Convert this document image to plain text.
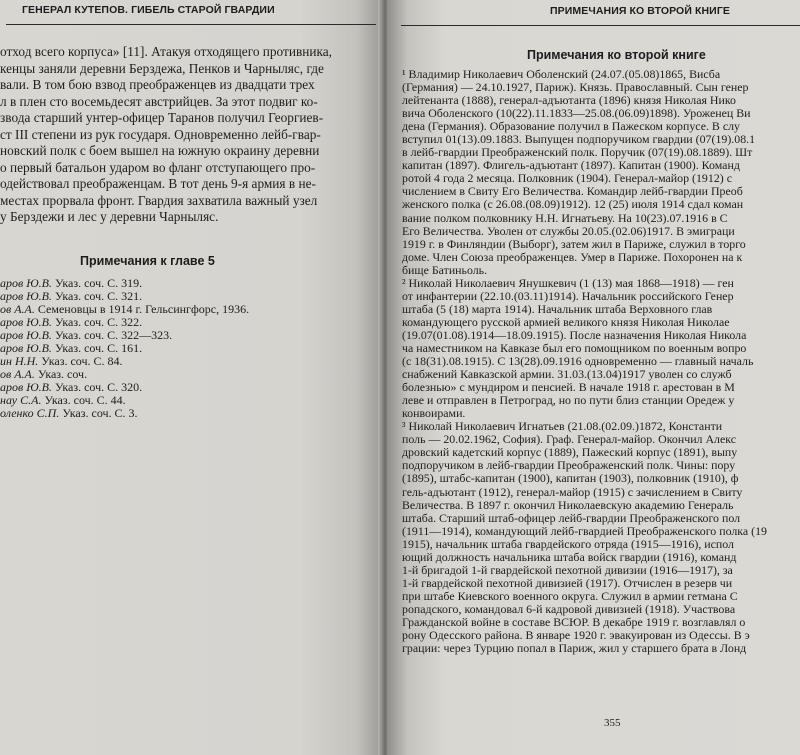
ГЕНЕРАЛ КУТЕПОВ. ГИБЕЛЬ СТАРОЙ ГВАРДИИ
отход всего корпуса» [11]. Атакуя отходящего противника,
кенцы заняли деревни Берздежа, Пенков и Чарныляс, где
вали. В том бою взвод преображенцев из двадцати трех
л в плен сто восемьдесят австрийцев. За этот подвиг ко-
звода старший унтер-офицер Таранов получил Георгиев-
ст III степени из рук государя. Одновременно лейб-гвар-
новский полк с боем вышел на южную окраину деревни
о первый батальон ударом во фланг отступающего про-
одействовал преображенцам. В тот день 9-я армия в не-
местах прорвала фронт. Гвардия захватила важный узел
у Берздежи и лес у деревни Чарныляс.
Примечания к главе 5
аров Ю.В. Указ. соч. С. 319.
аров Ю.В. Указ. соч. С. 321.
ов А.А. Семеновцы в 1914 г. Гельсингфорс, 1936.
аров Ю.В. Указ. соч. С. 322.
аров Ю.В. Указ. соч. С. 322—323.
аров Ю.В. Указ. соч. С. 161.
ин Н.Н. Указ. соч. С. 84.
ов А.А. Указ. соч.
аров Ю.В. Указ. соч. С. 320.
нау С.А. Указ. соч. С. 44.
оленко С.П. Указ. соч. С. 3.
ПРИМЕЧАНИЯ КО ВТОРОЙ КНИГЕ
Примечания ко второй книге
¹ Владимир Николаевич Оболенский (24.07.(05.08)1865, Висба
(Германия) — 24.10.1927, Париж). Князь. Православный. Сын генер
лейтенанта (1888), генерал-адъютанта (1896) князя Николая Нико
вича Оболенского (10(22).11.1833—25.08.(06.09)1898). Уроженец Ви
дена (Германия). Образование получил в Пажеском корпусе. В слу
вступил 01(13).09.1883. Выпущен подпоручиком гвардии (07(19).08.1
в лейб-гвардии Преображенский полк. Поручик (07(19).08.1889). Шт
капитан (1897). Флигель-адъютант (1897). Капитан (1900). Команд
ротой 4 года 2 месяца. Полковник (1904). Генерал-майор (1912) с
числением в Свиту Его Величества. Командир лейб-гвардии Преоб
женского полка (с 26.08.(08.09)1912). 12 (25) июля 1914 сдал коман
вание полком полковнику Н.Н. Игнатьеву. На 10(23).07.1916 в С
Его Величества. Уволен от службы 20.05.(02.06)1917. В эмиграци
1919 г. в Финляндии (Выборг), затем жил в Париже, служил в торго
доме. Член Союза преображенцев. Умер в Париже. Похоронен на к
бище Батиньоль.
² Николай Николаевич Янушкевич (1 (13) мая 1868—1918) — ген
от инфантерии (22.10.(03.11)1914). Начальник российского Генер
штаба (5 (18) марта 1914). Начальник штаба Верховного глав
командующего русской армией великого князя Николая Николае
(19.07(01.08).1914—18.09.1915). После назначения Николая Никола
ча наместником на Кавказе был его помощником по военным вопро
(с 18(31).08.1915). С 13(28).09.1916 одновременно — главный началь
снабжений Кавказской армии. 31.03.(13.04)1917 уволен со служб
болезнью» с мундиром и пенсией. В начале 1918 г. арестован в М
леве и отправлен в Петроград, но по пути близ станции Оредеж у
конвоирами.
³ Николай Николаевич Игнатьев (21.08.(02.09.)1872, Константи
поль — 20.02.1962, София). Граф. Генерал-майор. Окончил Алекс
дровский кадетский корпус (1889), Пажеский корпус (1891), выпу
подпоручиком в лейб-гвардии Преображенский полк. Чины: пору
(1895), штабс-капитан (1900), капитан (1903), полковник (1910), ф
гель-адъютант (1912), генерал-майор (1915) с зачислением в Свиту
Величества. В 1897 г. окончил Николаевскую академию Генераль
штаба. Старший штаб-офицер лейб-гвардии Преображенского пол
(1911—1914), командующий лейб-гвардией Преображенского полка (19
1915), начальник штаба гвардейского отряда (1915—1916), испол
ющий должность начальника штаба войск гвардии (1916), команд
1-й бригадой 1-й гвардейской пехотной дивизии (1916—1917), за
1-й гвардейской пехотной дивизией (1917). Отчислен в резерв чи
при штабе Киевского военного округа. Служил в армии гетмана С
ропадского, командовал 6-й кадровой дивизией (1918). Участвова
Гражданской войне в составе ВСЮР. В декабре 1919 г. возглавлял о
рону Одесского района. В январе 1920 г. эвакуирован из Одессы. В э
грации: через Турцию попал в Париж, жил у старшего брата в Лонд
355
